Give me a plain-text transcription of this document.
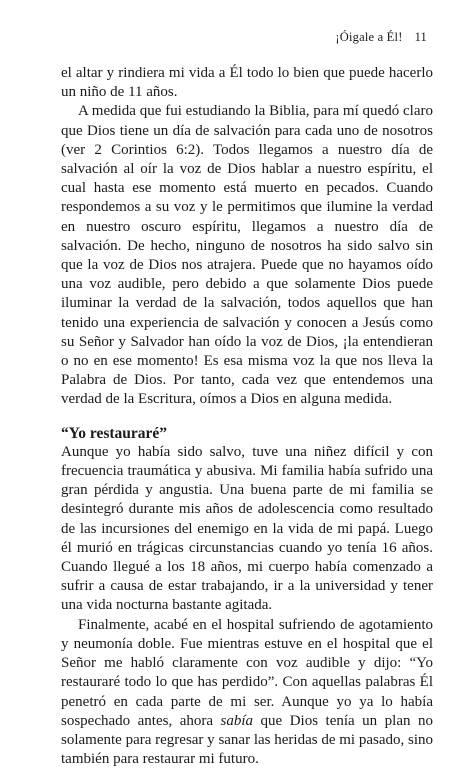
¡Óigale a Él! 11

el altar y rindiera mi vida a Él todo lo bien que puede hacerlo un niño de 11 años.

A medida que fui estudiando la Biblia, para mí quedó claro que Dios tiene un día de salvación para cada uno de nosotros (ver 2 Corintios 6:2). Todos llegamos a nuestro día de salvación al oír la voz de Dios hablar a nuestro espíritu, el cual hasta ese momento está muerto en pecados. Cuando respondemos a su voz y le permitimos que ilumine la verdad en nuestro oscuro espíritu, llegamos a nuestro día de salvación. De hecho, ninguno de nosotros ha sido salvo sin que la voz de Dios nos atrajera. Puede que no hayamos oído una voz audible, pero debido a que solamente Dios puede iluminar la verdad de la salvación, todos aquellos que han tenido una experiencia de salvación y conocen a Jesús como su Señor y Salvador han oído la voz de Dios, ¡la entendieran o no en ese momento! Es esa misma voz la que nos lleva la Palabra de Dios. Por tanto, cada vez que entendemos una verdad de la Escritura, oímos a Dios en alguna medida.

“Yo restauraré”

Aunque yo había sido salvo, tuve una niñez difícil y con frecuencia traumática y abusiva. Mi familia había sufrido una gran pérdida y angustia. Una buena parte de mi familia se desintegró durante mis años de adolescencia como resultado de las incursiones del enemigo en la vida de mi papá. Luego él murió en trágicas circunstancias cuando yo tenía 16 años. Cuando llegué a los 18 años, mi cuerpo había comenzado a sufrir a causa de estar trabajando, ir a la universidad y tener una vida nocturna bastante agitada.

Finalmente, acabé en el hospital sufriendo de agotamiento y neumonía doble. Fue mientras estuve en el hospital que el Señor me habló claramente con voz audible y dijo: “Yo restauraré todo lo que has perdido”. Con aquellas palabras Él penetró en cada parte de mi ser. Aunque yo ya lo había sospechado antes, ahora sabía que Dios tenía un plan no solamente para regresar y sanar las heridas de mi pasado, sino también para restaurar mi futuro.
